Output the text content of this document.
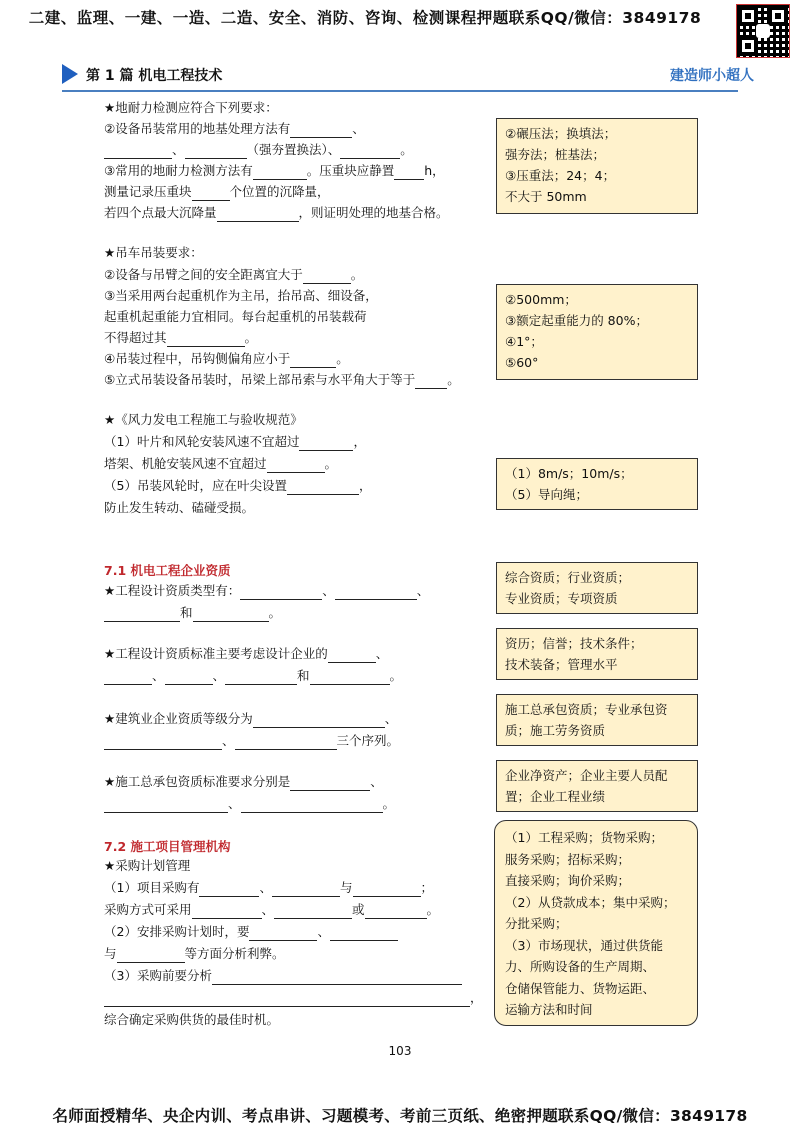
二建、监理、一建、一造、二造、安全、消防、咨询、检测课程押题联系QQ/微信：3849178
第 1 篇 机电工程技术	建造师小超人
★地耐力检测应符合下列要求：
②设备吊装常用的地基处理方法有	、
、	（强夯置换法）、	。
③常用的地耐力检测方法有	。压重块应静置 h，
测量记录压重块	个位置的沉降量，
若四个点最大沉降量	，则证明处理的地基合格。

②碾压法；换填法；

强夯法；桩基法；

③压重法；24；4；

不大于 50mm

★吊车吊装要求：
②设备与吊臂之间的安全距离宜大于	。
③当采用两台起重机作为主吊，抬吊高、细设备，
起重机起重能力宜相同。每台起重机的吊装载荷
不得超过其	。
④吊装过程中，吊钩侧偏角应小于	。
⑤立式吊装设备吊装时，吊梁上部吊索与水平角大于等于	。

②500mm；

③额定起重能力的 80%；

④1°；

⑤60°

★《风力发电工程施工与验收规范》
（1）叶片和风轮安装风速不宜超过	，
塔架、机舱安装风速不宜超过	。
（5）吊装风轮时，应在叶尖设置	，
防止发生转动、磕碰受损。

（1）8m/s；10m/s；

（5）导向绳；

7.1 机电工程企业资质
★工程设计资质类型有：	、	、
和	。

综合资质；行业资质；

专业资质；专项资质

★工程设计资质标准主要考虑设计企业的	、
、	、	和	。

资历；信誉；技术条件；

技术装备；管理水平

★建筑业企业资质等级分为	、
、	三个序列。

施工总承包资质；专业承包资

质；施工劳务资质

★施工总承包资质标准要求分别是	、
、	。

企业净资产；企业主要人员配

置；企业工程业绩

7.2 施工项目管理机构
★采购计划管理
（1）项目采购有	、	与	；
采购方式可采用	、	或	。
（2）安排采购计划时，要	、
与	等方面分析利弊。
（3）采购前要分析
，
综合确定采购供货的最佳时机。

（1）工程采购；货物采购；

服务采购；招标采购；

直接采购；询价采购；

（2）从贷款成本；集中采购；

分批采购；

（3）市场现状，通过供货能

力、所购设备的生产周期、

仓储保管能力、货物运距、

运输方法和时间

103
名师面授精华、央企内训、考点串讲、习题模考、考前三页纸、绝密押题联系QQ/微信：3849178
